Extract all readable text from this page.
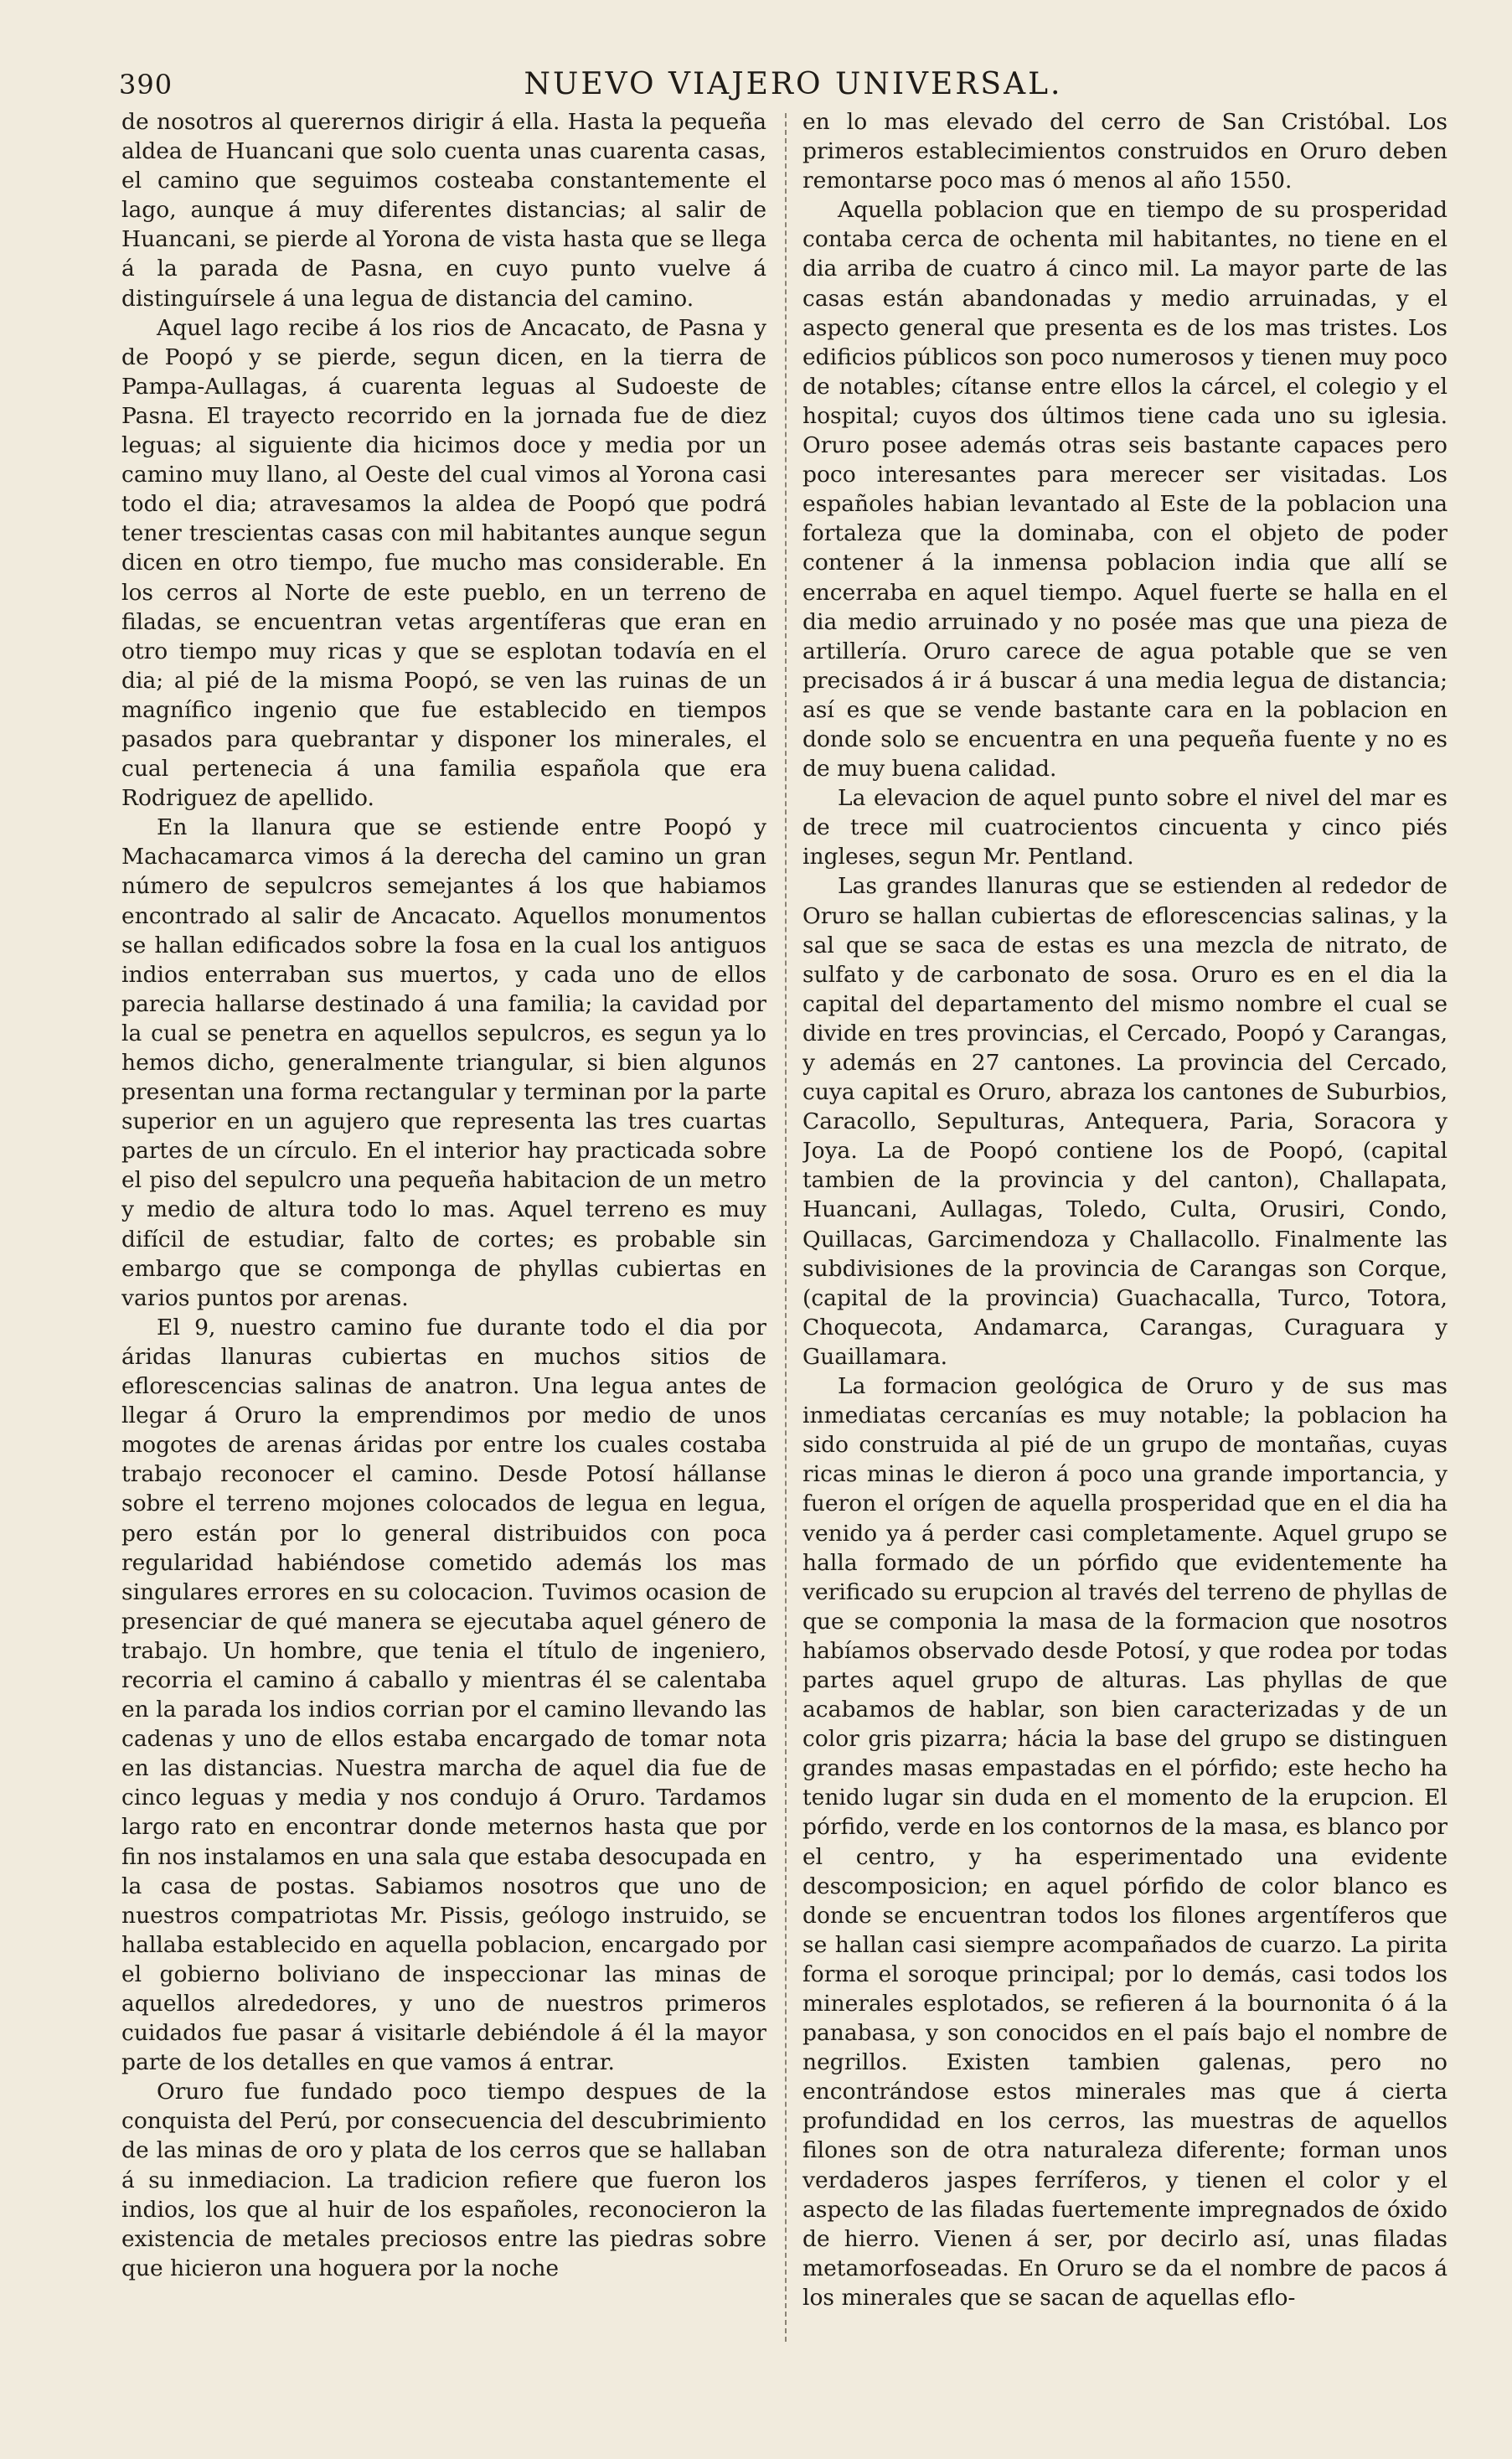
390	NUEVO VIAJERO UNIVERSAL.

de nosotros al querernos dirigir á ella. Hasta la pequeña aldea de Huancani que solo cuenta unas cuarenta casas, el camino que seguimos costeaba constantemente el lago, aunque á muy diferentes distancias; al salir de Huancani, se pierde al Yorona de vista hasta que se llega á la parada de Pasna, en cuyo punto vuelve á distinguírsele á una legua de distancia del camino.

Aquel lago recibe á los rios de Ancacato, de Pasna y de Poopó y se pierde, segun dicen, en la tierra de Pampa-Aullagas, á cuarenta leguas al Sudoeste de Pasna. El trayecto recorrido en la jornada fue de diez leguas; al siguiente dia hicimos doce y media por un camino muy llano, al Oeste del cual vimos al Yorona casi todo el dia; atravesamos la aldea de Poopó que podrá tener trescientas casas con mil habitantes aunque segun dicen en otro tiempo, fue mucho mas considerable. En los cerros al Norte de este pueblo, en un terreno de filadas, se encuentran vetas argentíferas que eran en otro tiempo muy ricas y que se esplotan todavía en el dia; al pié de la misma Poopó, se ven las ruinas de un magnífico ingenio que fue establecido en tiempos pasados para quebrantar y disponer los minerales, el cual pertenecia á una familia española que era Rodriguez de apellido.

En la llanura que se estiende entre Poopó y Machacamarca vimos á la derecha del camino un gran número de sepulcros semejantes á los que habiamos encontrado al salir de Ancacato. Aquellos monumentos se hallan edificados sobre la fosa en la cual los antiguos indios enterraban sus muertos, y cada uno de ellos parecia hallarse destinado á una familia; la cavidad por la cual se penetra en aquellos sepulcros, es segun ya lo hemos dicho, generalmente triangular, si bien algunos presentan una forma rectangular y terminan por la parte superior en un agujero que representa las tres cuartas partes de un círculo. En el interior hay practicada sobre el piso del sepulcro una pequeña habitacion de un metro y medio de altura todo lo mas. Aquel terreno es muy difícil de estudiar, falto de cortes; es probable sin embargo que se componga de phyllas cubiertas en varios puntos por arenas.

El 9, nuestro camino fue durante todo el dia por áridas llanuras cubiertas en muchos sitios de eflorescencias salinas de anatron. Una legua antes de llegar á Oruro la emprendimos por medio de unos mogotes de arenas áridas por entre los cuales costaba trabajo reconocer el camino. Desde Potosí hállanse sobre el terreno mojones colocados de legua en legua, pero están por lo general distribuidos con poca regularidad habiéndose cometido además los mas singulares errores en su colocacion. Tuvimos ocasion de presenciar de qué manera se ejecutaba aquel género de trabajo. Un hombre, que tenia el título de ingeniero, recorria el camino á caballo y mientras él se calentaba en la parada los indios corrian por el camino llevando las cadenas y uno de ellos estaba encargado de tomar nota en las distancias. Nuestra marcha de aquel dia fue de cinco leguas y media y nos condujo á Oruro. Tardamos largo rato en encontrar donde meternos hasta que por fin nos instalamos en una sala que estaba desocupada en la casa de postas. Sabiamos nosotros que uno de nuestros compatriotas Mr. Pissis, geólogo instruido, se hallaba establecido en aquella poblacion, encargado por el gobierno boliviano de inspeccionar las minas de aquellos alrededores, y uno de nuestros primeros cuidados fue pasar á visitarle debiéndole á él la mayor parte de los detalles en que vamos á entrar.

Oruro fue fundado poco tiempo despues de la conquista del Perú, por consecuencia del descubrimiento de las minas de oro y plata de los cerros que se hallaban á su inmediacion. La tradicion refiere que fueron los indios, los que al huir de los españoles, reconocieron la existencia de metales preciosos entre las piedras sobre que hicieron una hoguera por la noche

en lo mas elevado del cerro de San Cristóbal. Los primeros establecimientos construidos en Oruro deben remontarse poco mas ó menos al año 1550.

Aquella poblacion que en tiempo de su prosperidad contaba cerca de ochenta mil habitantes, no tiene en el dia arriba de cuatro á cinco mil. La mayor parte de las casas están abandonadas y medio arruinadas, y el aspecto general que presenta es de los mas tristes. Los edificios públicos son poco numerosos y tienen muy poco de notables; cítanse entre ellos la cárcel, el colegio y el hospital; cuyos dos últimos tiene cada uno su iglesia. Oruro posee además otras seis bastante capaces pero poco interesantes para merecer ser visitadas. Los españoles habian levantado al Este de la poblacion una fortaleza que la dominaba, con el objeto de poder contener á la inmensa poblacion india que allí se encerraba en aquel tiempo. Aquel fuerte se halla en el dia medio arruinado y no posée mas que una pieza de artillería. Oruro carece de agua potable que se ven precisados á ir á buscar á una media legua de distancia; así es que se vende bastante cara en la poblacion en donde solo se encuentra en una pequeña fuente y no es de muy buena calidad.

La elevacion de aquel punto sobre el nivel del mar es de trece mil cuatrocientos cincuenta y cinco piés ingleses, segun Mr. Pentland.

Las grandes llanuras que se estienden al rededor de Oruro se hallan cubiertas de eflorescencias salinas, y la sal que se saca de estas es una mezcla de nitrato, de sulfato y de carbonato de sosa. Oruro es en el dia la capital del departamento del mismo nombre el cual se divide en tres provincias, el Cercado, Poopó y Carangas, y además en 27 cantones. La provincia del Cercado, cuya capital es Oruro, abraza los cantones de Suburbios, Caracollo, Sepulturas, Antequera, Paria, Soracora y Joya. La de Poopó contiene los de Poopó, (capital tambien de la provincia y del canton), Challapata, Huancani, Aullagas, Toledo, Culta, Orusiri, Condo, Quillacas, Garcimendoza y Challacollo. Finalmente las subdivisiones de la provincia de Carangas son Corque, (capital de la provincia) Guachacalla, Turco, Totora, Choquecota, Andamarca, Carangas, Curaguara y Guaillamara.

La formacion geológica de Oruro y de sus mas inmediatas cercanías es muy notable; la poblacion ha sido construida al pié de un grupo de montañas, cuyas ricas minas le dieron á poco una grande importancia, y fueron el orígen de aquella prosperidad que en el dia ha venido ya á perder casi completamente. Aquel grupo se halla formado de un pórfido que evidentemente ha verificado su erupcion al través del terreno de phyllas de que se componia la masa de la formacion que nosotros habíamos observado desde Potosí, y que rodea por todas partes aquel grupo de alturas. Las phyllas de que acabamos de hablar, son bien caracterizadas y de un color gris pizarra; hácia la base del grupo se distinguen grandes masas empastadas en el pórfido; este hecho ha tenido lugar sin duda en el momento de la erupcion. El pórfido, verde en los contornos de la masa, es blanco por el centro, y ha esperimentado una evidente descomposicion; en aquel pórfido de color blanco es donde se encuentran todos los filones argentíferos que se hallan casi siempre acompañados de cuarzo. La pirita forma el soroque principal; por lo demás, casi todos los minerales esplotados, se refieren á la bournonita ó á la panabasa, y son conocidos en el país bajo el nombre de negrillos. Existen tambien galenas, pero no encontrándose estos minerales mas que á cierta profundidad en los cerros, las muestras de aquellos filones son de otra naturaleza diferente; forman unos verdaderos jaspes ferríferos, y tienen el color y el aspecto de las filadas fuertemente impregnados de óxido de hierro. Vienen á ser, por decirlo así, unas filadas metamorfoseadas. En Oruro se da el nombre de pacos á los minerales que se sacan de aquellas eflo-
